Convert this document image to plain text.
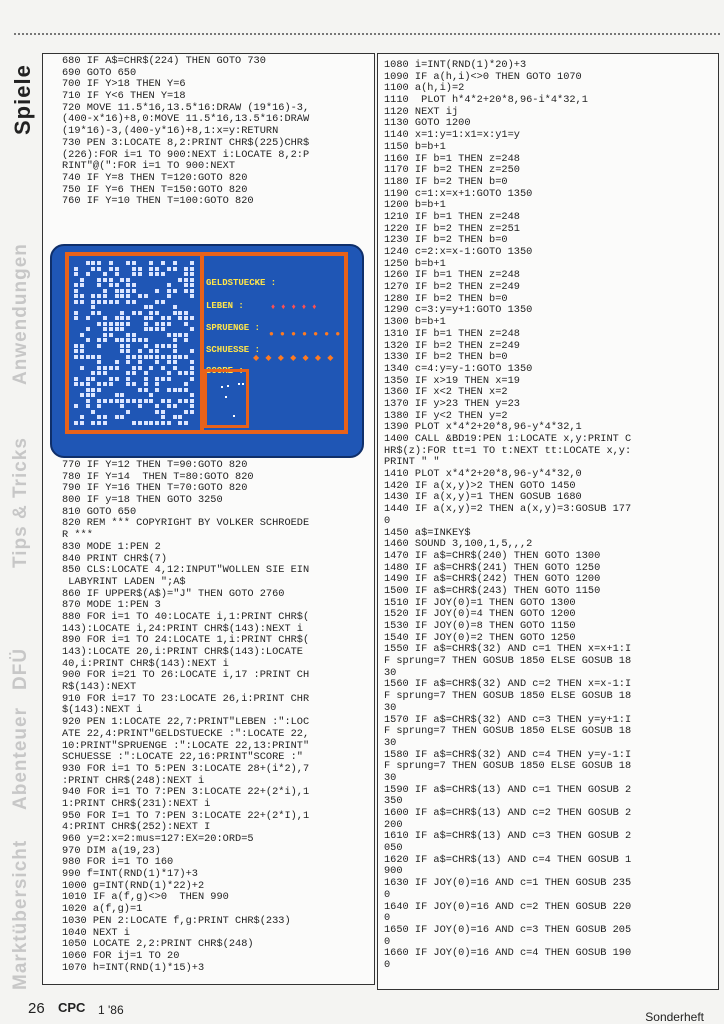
Marktübersicht
Abenteuer
DFÜ
Tips & Tricks
Anwendungen
Spiele
680 IF A$=CHR$(224) THEN GOTO 730
690 GOTO 650
700 IF Y>18 THEN Y=6
710 IF Y<6 THEN Y=18
720 MOVE 11.5*16,13.5*16:DRAW (19*16)-3,
(400-x*16)+8,0:MOVE 11.5*16,13.5*16:DRAW
(19*16)-3,(400-y*16)+8,1:x=y:RETURN
730 PEN 3:LOCATE 8,2:PRINT CHR$(225)CHR$
(226):FOR i=1 TO 900:NEXT i:LOCATE 8,2:P
RINT"@(":FOR i=1 TO 900:NEXT
740 IF Y=8 THEN T=120:GOTO 820
750 IF Y=6 THEN T=150:GOTO 820
760 IF Y=10 THEN T=100:GOTO 820
GELDSTUECKE :
LEBEN :	♦ ♦ ♦ ♦ ♦
SPRUENGE :
● ● ● ● ● ● ●
SCHUESSE :
◆ ◆ ◆ ◆ ◆ ◆ ◆
SCORE :
770 IF Y=12 THEN T=90:GOTO 820
780 IF Y=14  THEN T=80:GOTO 820
790 IF Y=16 THEN T=70:GOTO 820
800 IF y=18 THEN GOTO 3250
810 GOTO 650
820 REM *** COPYRIGHT BY VOLKER SCHROEDE
R ***
830 MODE 1:PEN 2
840 PRINT CHR$(7)
850 CLS:LOCATE 4,12:INPUT"WOLLEN SIE EIN
LABYRINT LADEN ";A$
860 IF UPPER$(A$)="J" THEN GOTO 2760
870 MODE 1:PEN 3
880 FOR i=1 TO 40:LOCATE i,1:PRINT CHR$(
143):LOCATE i,24:PRINT CHR$(143):NEXT i
890 FOR i=1 TO 24:LOCATE 1,i:PRINT CHR$(
143):LOCATE 20,i:PRINT CHR$(143):LOCATE
40,i:PRINT CHR$(143):NEXT i
900 FOR i=21 TO 26:LOCATE i,17 :PRINT CH
R$(143):NEXT
910 FOR i=17 TO 23:LOCATE 26,i:PRINT CHR
$(143):NEXT i
920 PEN 1:LOCATE 22,7:PRINT"LEBEN :":LOC
ATE 22,4:PRINT"GELDSTUECKE :":LOCATE 22,
10:PRINT"SPRUENGE :":LOCATE 22,13:PRINT"
SCHUESSE :":LOCATE 22,16:PRINT"SCORE :"
930 FOR i=1 TO 5:PEN 3:LOCATE 28+(i*2),7
:PRINT CHR$(248):NEXT i
940 FOR i=1 TO 7:PEN 3:LOCATE 22+(2*i),1
1:PRINT CHR$(231):NEXT i
950 FOR I=1 TO 7:PEN 3:LOCATE 22+(2*I),1
4:PRINT CHR$(252):NEXT I
960 y=2:x=2:mus=127:EX=20:ORD=5
970 DIM a(19,23)
980 FOR i=1 TO 160
990 f=INT(RND(1)*17)+3
1000 g=INT(RND(1)*22)+2
1010 IF a(f,g)<>0  THEN 990
1020 a(f,g)=1
1030 PEN 2:LOCATE f,g:PRINT CHR$(233)
1040 NEXT i
1050 LOCATE 2,2:PRINT CHR$(248)
1060 FOR ij=1 TO 20
1070 h=INT(RND(1)*15)+3
1080 i=INT(RND(1)*20)+3
1090 IF a(h,i)<>0 THEN GOTO 1070
1100 a(h,i)=2
1110  PLOT h*4*2+20*8,96-i*4*32,1
1120 NEXT ij
1130 GOTO 1200
1140 x=1:y=1:x1=x:y1=y
1150 b=b+1
1160 IF b=1 THEN z=248
1170 IF b=2 THEN z=250
1180 IF b=2 THEN b=0
1190 c=1:x=x+1:GOTO 1350
1200 b=b+1
1210 IF b=1 THEN z=248
1220 IF b=2 THEN z=251
1230 IF b=2 THEN b=0
1240 c=2:x=x-1:GOTO 1350
1250 b=b+1
1260 IF b=1 THEN z=248
1270 IF b=2 THEN z=249
1280 IF b=2 THEN b=0
1290 c=3:y=y+1:GOTO 1350
1300 b=b+1
1310 IF b=1 THEN z=248
1320 IF b=2 THEN z=249
1330 IF b=2 THEN b=0
1340 c=4:y=y-1:GOTO 1350
1350 IF x>19 THEN x=19
1360 IF x<2 THEN x=2
1370 IF y>23 THEN y=23
1380 IF y<2 THEN y=2
1390 PLOT x*4*2+20*8,96-y*4*32,1
1400 CALL &BD19:PEN 1:LOCATE x,y:PRINT C
HR$(z):FOR tt=1 TO t:NEXT tt:LOCATE x,y:
PRINT " "
1410 PLOT x*4*2+20*8,96-y*4*32,0
1420 IF a(x,y)>2 THEN GOTO 1450
1430 IF a(x,y)=1 THEN GOSUB 1680
1440 IF a(x,y)=2 THEN a(x,y)=3:GOSUB 177
0
1450 a$=INKEY$
1460 SOUND 3,100,1,5,,,2
1470 IF a$=CHR$(240) THEN GOTO 1300
1480 IF a$=CHR$(241) THEN GOTO 1250
1490 IF a$=CHR$(242) THEN GOTO 1200
1500 IF a$=CHR$(243) THEN GOTO 1150
1510 IF JOY(0)=1 THEN GOTO 1300
1520 IF JOY(0)=4 THEN GOTO 1200
1530 IF JOY(0)=8 THEN GOTO 1150
1540 IF JOY(0)=2 THEN GOTO 1250
1550 IF a$=CHR$(32) AND c=1 THEN x=x+1:I
F sprung=7 THEN GOSUB 1850 ELSE GOSUB 18
30
1560 IF a$=CHR$(32) AND c=2 THEN x=x-1:I
F sprung=7 THEN GOSUB 1850 ELSE GOSUB 18
30
1570 IF a$=CHR$(32) AND c=3 THEN y=y+1:I
F sprung=7 THEN GOSUB 1850 ELSE GOSUB 18
30
1580 IF a$=CHR$(32) AND c=4 THEN y=y-1:I
F sprung=7 THEN GOSUB 1850 ELSE GOSUB 18
30
1590 IF a$=CHR$(13) AND c=1 THEN GOSUB 2
350
1600 IF a$=CHR$(13) AND c=2 THEN GOSUB 2
200
1610 IF a$=CHR$(13) AND c=3 THEN GOSUB 2
050
1620 IF a$=CHR$(13) AND c=4 THEN GOSUB 1
900
1630 IF JOY(0)=16 AND c=1 THEN GOSUB 235
0
1640 IF JOY(0)=16 AND c=2 THEN GOSUB 220
0
1650 IF JOY(0)=16 AND c=3 THEN GOSUB 205
0
1660 IF JOY(0)=16 AND c=4 THEN GOSUB 190
0
26 CPC 1 '86	Sonderheft
